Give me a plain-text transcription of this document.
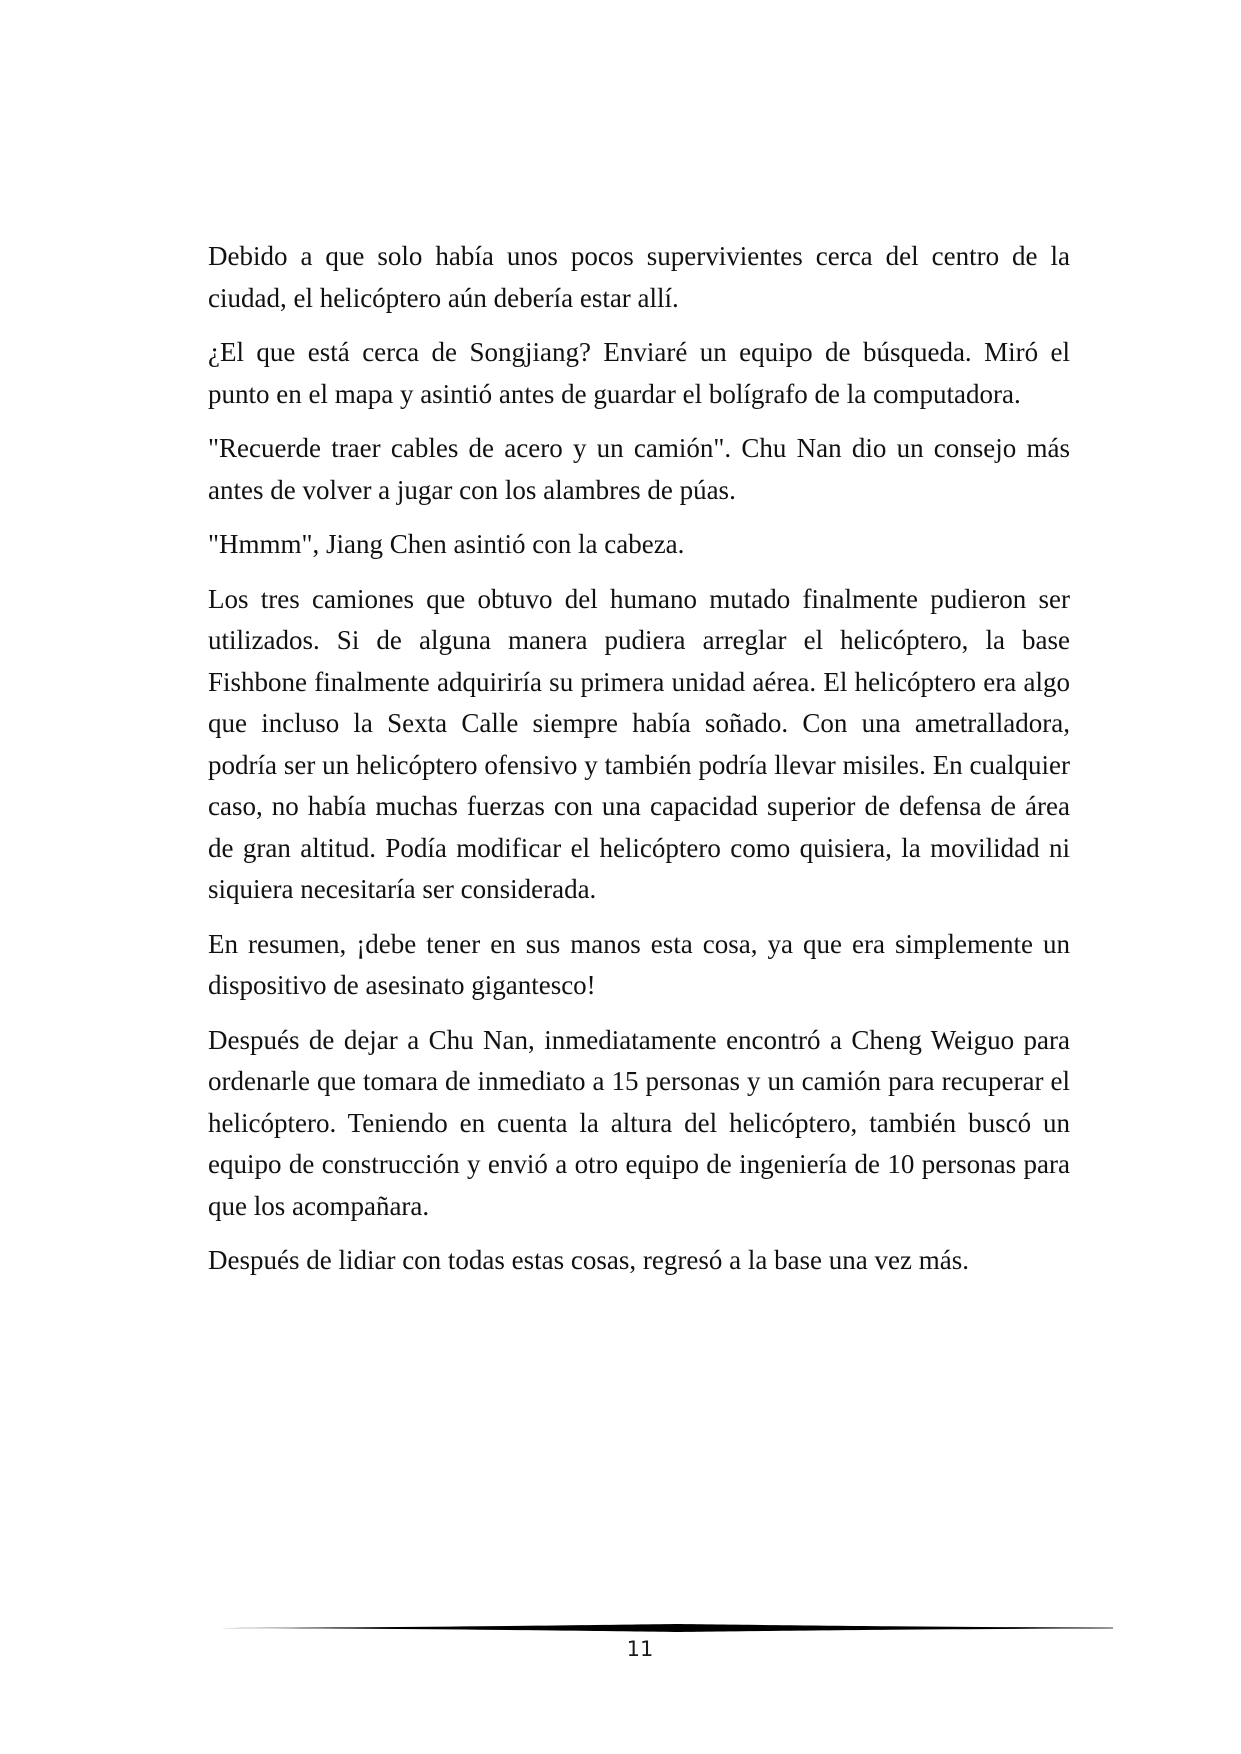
Debido a que solo había unos pocos supervivientes cerca del centro de la ciudad, el helicóptero aún debería estar allí.

¿El que está cerca de Songjiang? Enviaré un equipo de búsqueda. Miró el punto en el mapa y asintió antes de guardar el bolígrafo de la computadora.

"Recuerde traer cables de acero y un camión". Chu Nan dio un consejo más antes de volver a jugar con los alambres de púas.

"Hmmm", Jiang Chen asintió con la cabeza.

Los tres camiones que obtuvo del humano mutado finalmente pudieron ser utilizados. Si de alguna manera pudiera arreglar el helicóptero, la base Fishbone finalmente adquiriría su primera unidad aérea. El helicóptero era algo que incluso la Sexta Calle siempre había soñado. Con una ametralladora, podría ser un helicóptero ofensivo y también podría llevar misiles. En cualquier caso, no había muchas fuerzas con una capacidad superior de defensa de área de gran altitud. Podía modificar el helicóptero como quisiera, la movilidad ni siquiera necesitaría ser considerada.

En resumen, ¡debe tener en sus manos esta cosa, ya que era simplemente un dispositivo de asesinato gigantesco!

Después de dejar a Chu Nan, inmediatamente encontró a Cheng Weiguo para ordenarle que tomara de inmediato a 15 personas y un camión para recuperar el helicóptero. Teniendo en cuenta la altura del helicóptero, también buscó un equipo de construcción y envió a otro equipo de ingeniería de 10 personas para que los acompañara.

Después de lidiar con todas estas cosas, regresó a la base una vez más.

11
